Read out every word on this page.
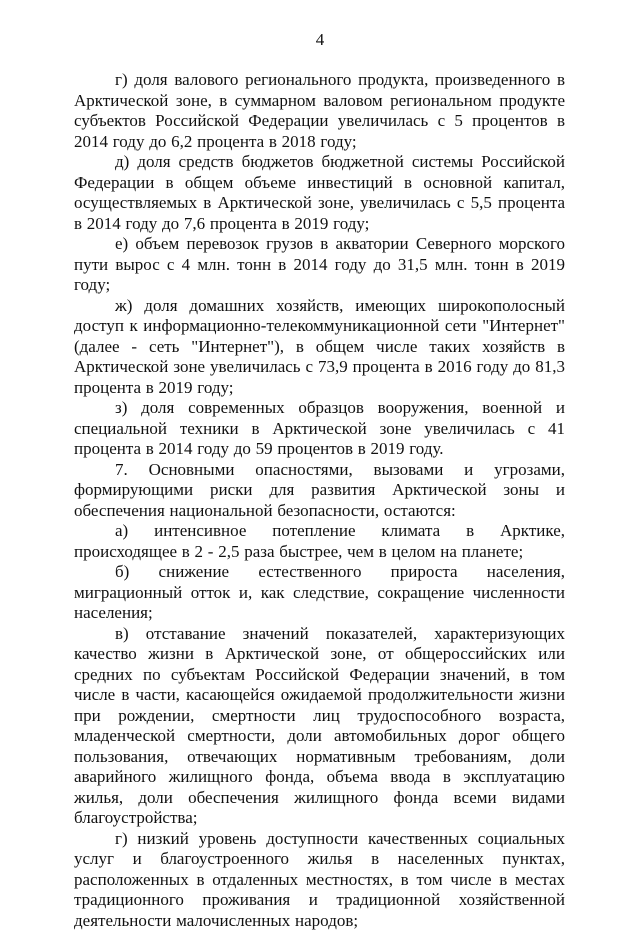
4

г) доля валового регионального продукта, произведенного в Арктической зоне, в суммарном валовом региональном продукте субъектов Российской Федерации увеличилась с 5 процентов в 2014 году до 6,2 процента в 2018 году;

д) доля средств бюджетов бюджетной системы Российской Федерации в общем объеме инвестиций в основной капитал, осуществляемых в Арктической зоне, увеличилась с 5,5 процента в 2014 году до 7,6 процента в 2019 году;

е) объем перевозок грузов в акватории Северного морского пути вырос с 4 млн. тонн в 2014 году до 31,5 млн. тонн в 2019 году;

ж) доля домашних хозяйств, имеющих широкополосный доступ к информационно-телекоммуникационной сети "Интернет" (далее - сеть "Интернет"), в общем числе таких хозяйств в Арктической зоне увеличилась с 73,9 процента в 2016 году до 81,3 процента в 2019 году;

з) доля современных образцов вооружения, военной и специальной техники в Арктической зоне увеличилась с 41 процента в 2014 году до 59 процентов в 2019 году.

7. Основными опасностями, вызовами и угрозами, формирующими риски для развития Арктической зоны и обеспечения национальной безопасности, остаются:

а) интенсивное потепление климата в Арктике, происходящее в 2 - 2,5 раза быстрее, чем в целом на планете;

б) снижение естественного прироста населения, миграционный отток и, как следствие, сокращение численности населения;

в) отставание значений показателей, характеризующих качество жизни в Арктической зоне, от общероссийских или средних по субъектам Российской Федерации значений, в том числе в части, касающейся ожидаемой продолжительности жизни при рождении, смертности лиц трудоспособного возраста, младенческой смертности, доли автомобильных дорог общего пользования, отвечающих нормативным требованиям, доли аварийного жилищного фонда, объема ввода в эксплуатацию жилья, доли обеспечения жилищного фонда всеми видами благоустройства;

г) низкий уровень доступности качественных социальных услуг и благоустроенного жилья в населенных пунктах, расположенных в отдаленных местностях, в том числе в местах традиционного проживания и традиционной хозяйственной деятельности малочисленных народов;
